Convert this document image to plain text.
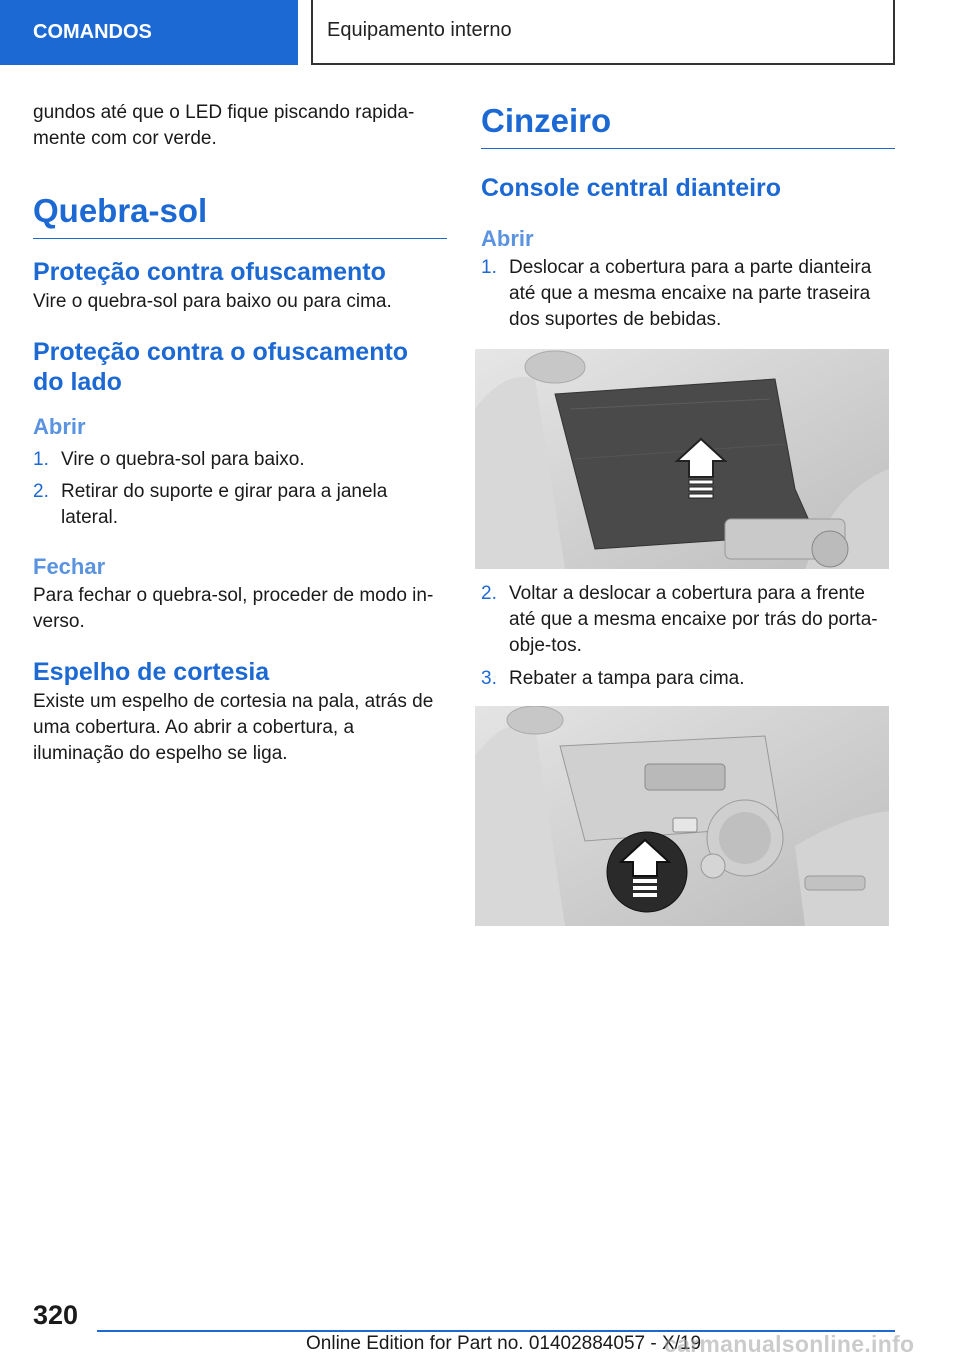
COMANDOS	Equipamento interno

gundos até que o LED fique piscando rapida-mente com cor verde.

Quebra-sol
Proteção contra ofuscamento

Vire o quebra-sol para baixo ou para cima.

Proteção contra o ofuscamento do lado
Abrir
1. Vire o quebra-sol para baixo.
2. Retirar do suporte e girar para a janela lateral.
Fechar

Para fechar o quebra-sol, proceder de modo in-verso.

Espelho de cortesia

Existe um espelho de cortesia na pala, atrás de uma cobertura. Ao abrir a cobertura, a iluminação do espelho se liga.

Cinzeiro
Console central dianteiro
Abrir
1. Deslocar a cobertura para a parte dianteira até que a mesma encaixe na parte traseira dos suportes de bebidas.
2. Voltar a deslocar a cobertura para a frente até que a mesma encaixe por trás do porta-obje-tos.
3. Rebater a tampa para cima.
320
Online Edition for Part no. 01402884057 - X/19
carmanualsonline.info
